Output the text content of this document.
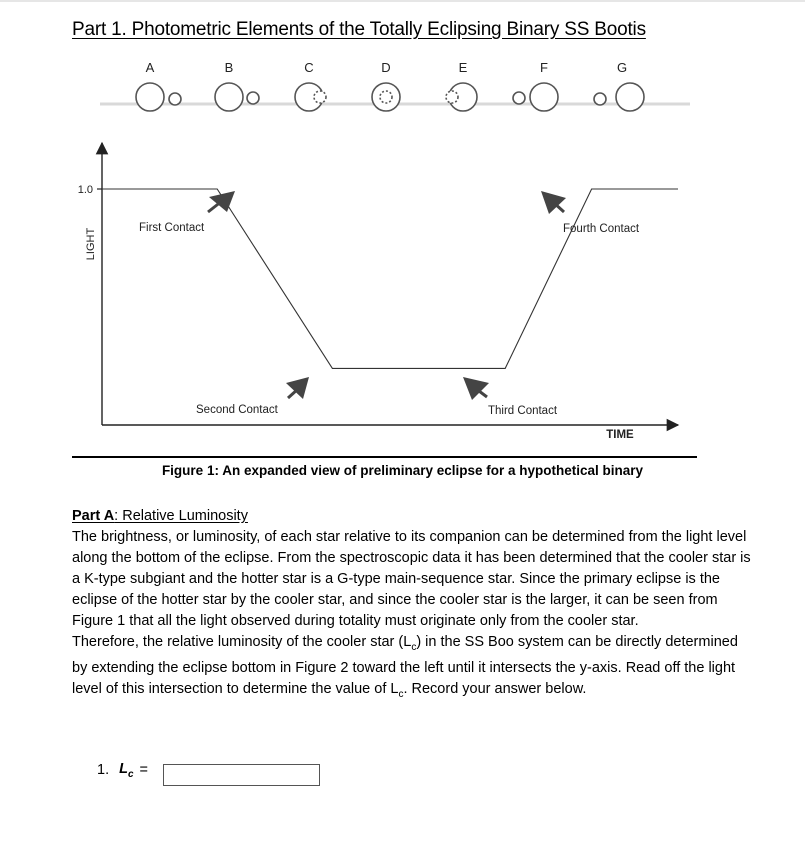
Part 1. Photometric Elements of the Totally Eclipsing Binary SS Bootis
A	B	C	D	E	F	G
1.0
LIGHT
TIME
First Contact
Second Contact	Third Contact
Fourth Contact
Figure 1: An expanded view of preliminary eclipse for a hypothetical binary

Part A: Relative Luminosity

The brightness, or luminosity, of each star relative to its companion can be determined from the light level along the bottom of the eclipse. From the spectroscopic data it has been determined that the cooler star is a K-type subgiant and the hotter star is a G-type main-sequence star. Since the primary eclipse is the eclipse of the hotter star by the cooler star, and since the cooler star is the larger, it can be seen from Figure 1 that all the light observed during totality must originate only from the cooler star.

Therefore, the relative luminosity of the cooler star $(L_c)$ in the SS Boo system can be directly determined by extending the eclipse bottom in Figure 2 toward the left until it intersects the y-axis. Read off the light level of this intersection to determine the value of $L_c$. Record your answer below.

1. $L_c$ =
